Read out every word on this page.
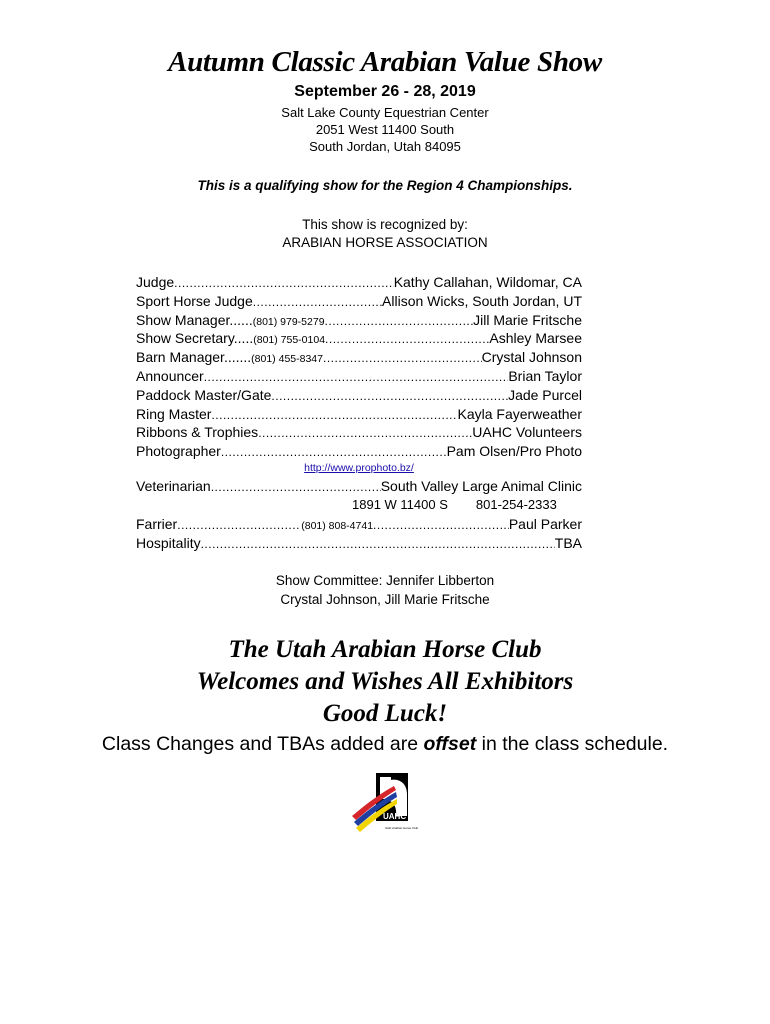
Autumn Classic Arabian Value Show
September 26 - 28, 2019
Salt Lake County Equestrian Center
2051 West 11400 South
South Jordan, Utah 84095
This is a qualifying show for the Region 4 Championships.
This show is recognized by:
ARABIAN HORSE ASSOCIATION
Judge .....	Kathy Callahan, Wildomar, CA
Sport Horse Judge .....	Allison Wicks, South Jordan, UT
Show Manager...... (801) 979-5279 .....	Jill Marie Fritsche
Show Secretary..... (801) 755-0104 .....	Ashley Marsee
Barn Manager....... (801) 455-8347 .....	Crystal Johnson
Announcer .....	Brian Taylor
Paddock Master/Gate .....	Jade Purcel
Ring Master .....	Kayla Fayerweather
Ribbons & Trophies .....	UAHC Volunteers
Photographer .....	Pam Olsen/Pro Photo
http://www.prophoto.bz/
Veterinarian .....	South Valley Large Animal Clinic
1891 W 11400 S 801-254-2333
Farrier .....	(801) 808-4741 .....	Paul Parker
Hospitality .....	TBA
Show Committee: Jennifer Libberton
Crystal Johnson, Jill Marie Fritsche
The Utah Arabian Horse Club
Welcomes and Wishes All Exhibitors
Good Luck!
Class Changes and TBAs added are offset in the class schedule.
UAHC
Utah Arabian Horse Club
